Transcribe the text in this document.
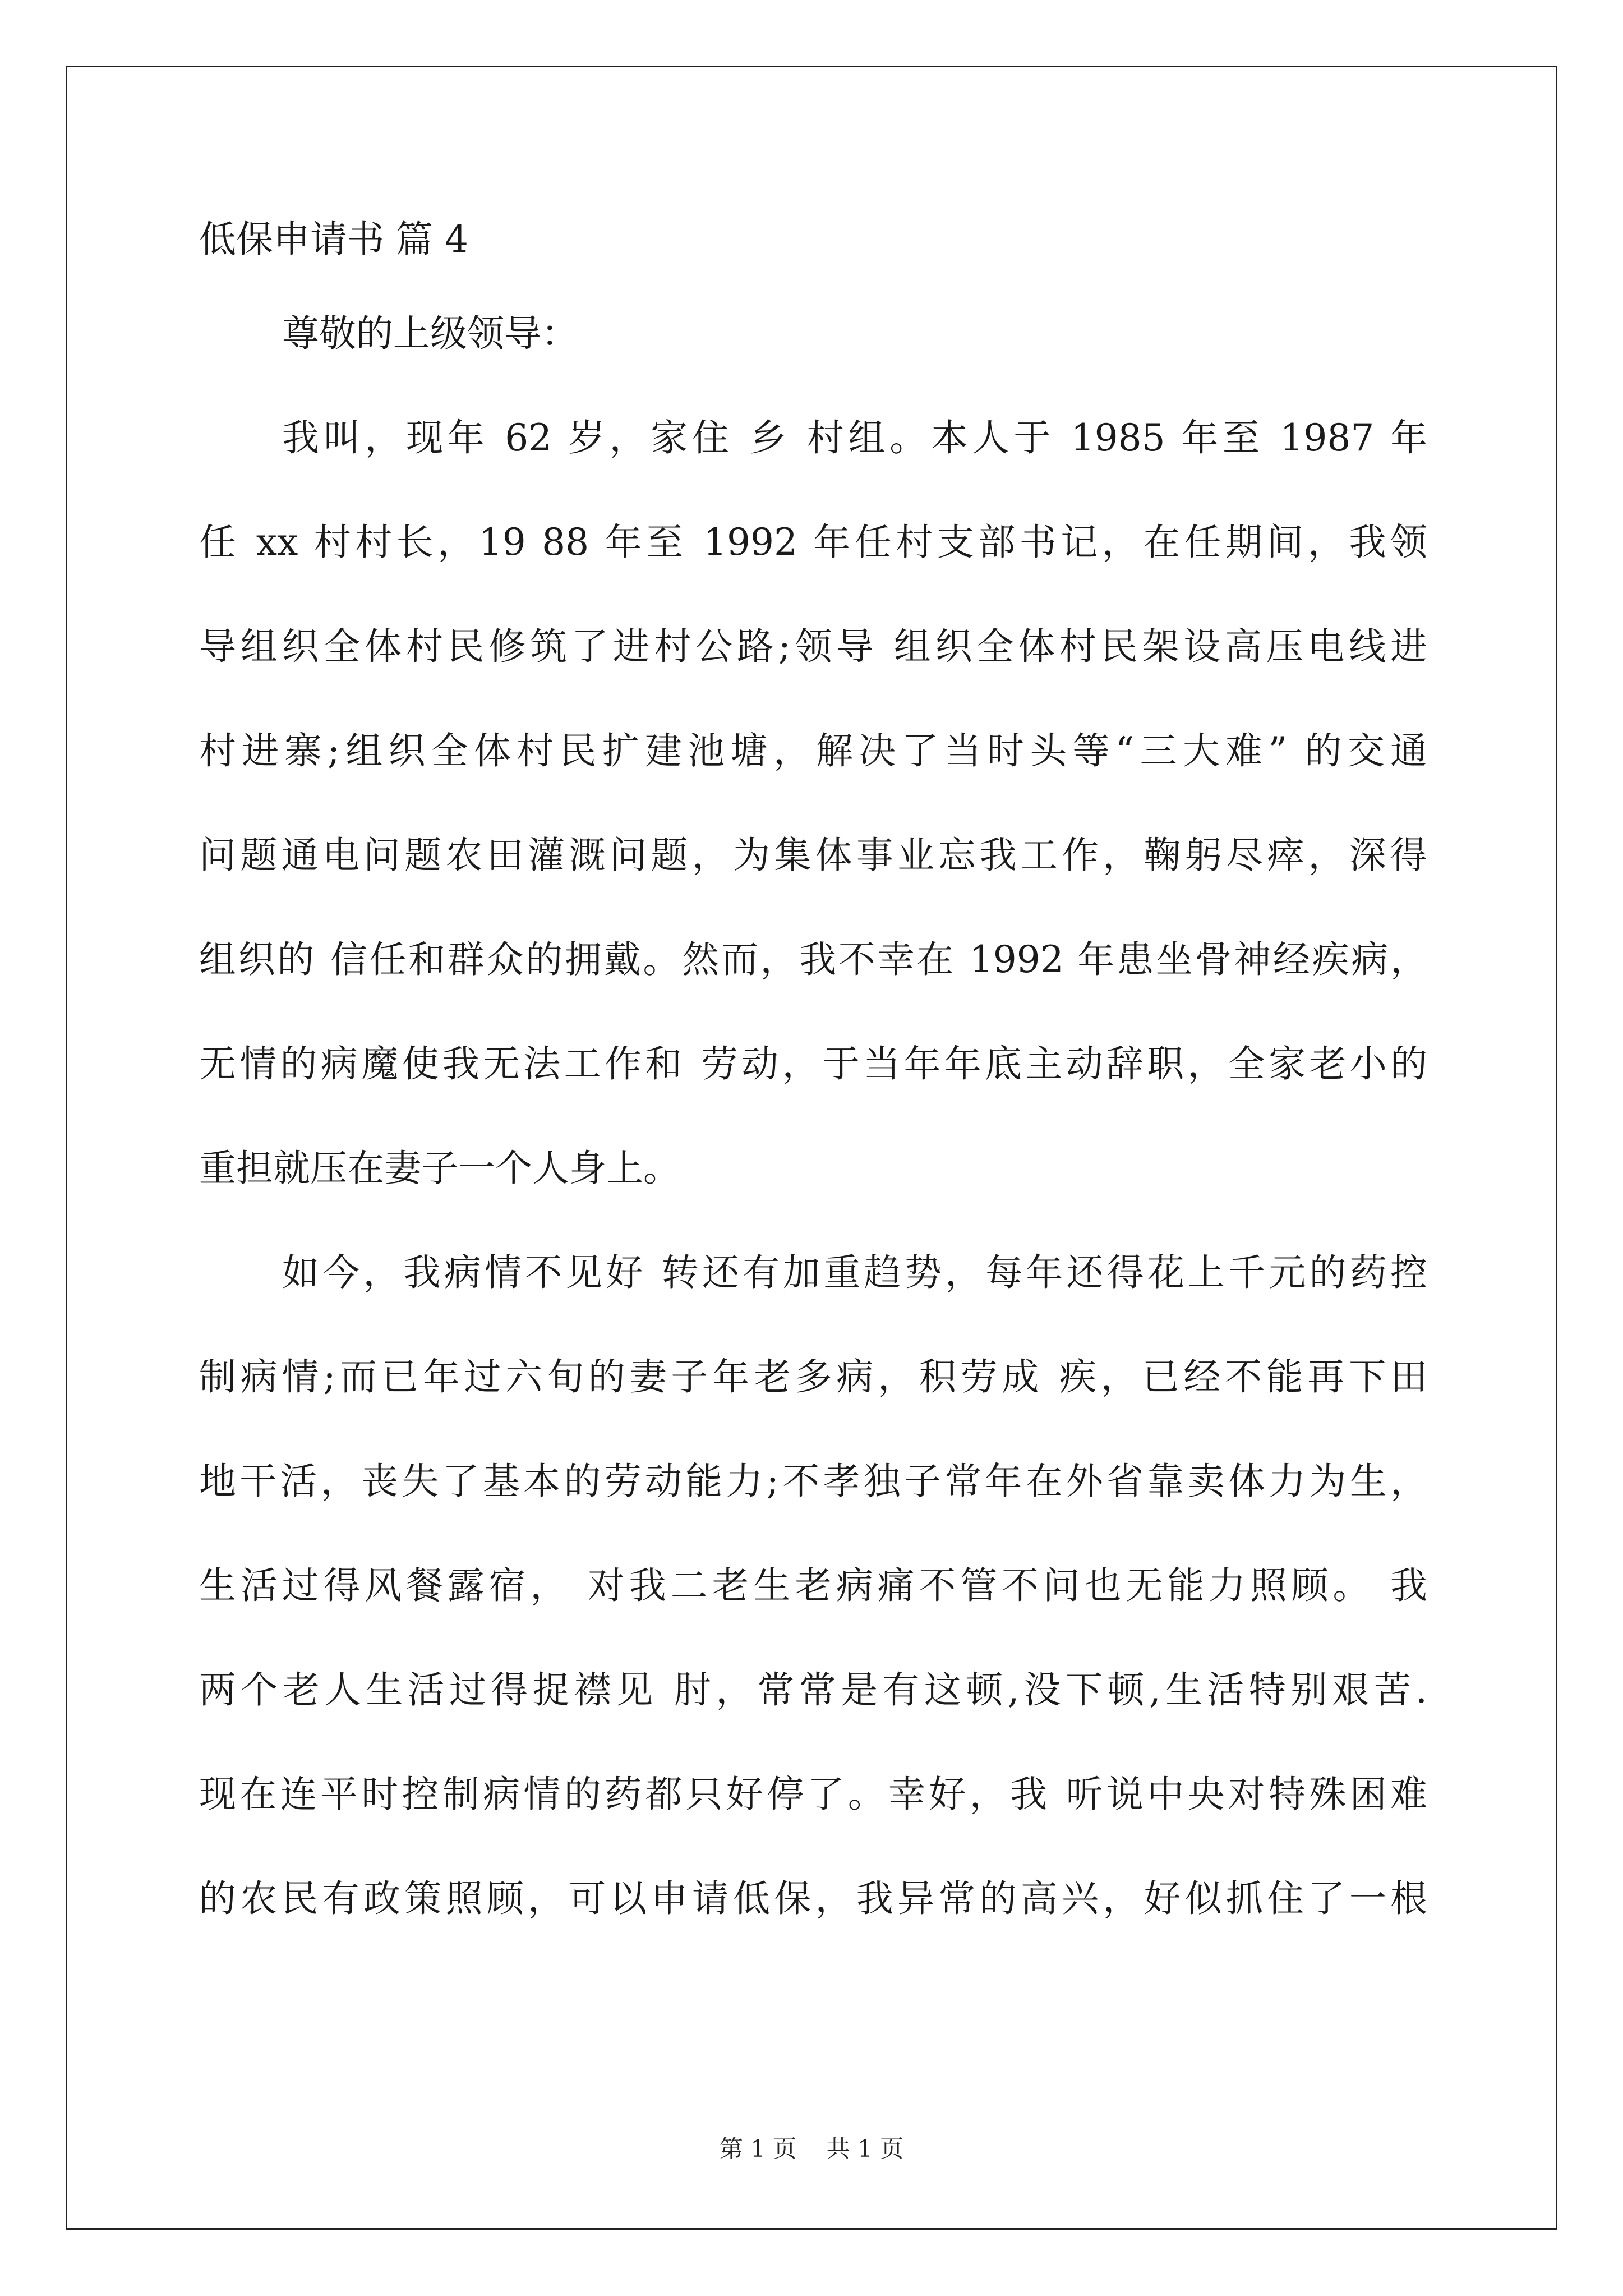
低保申请书 篇 4
尊敬的上级领导：
我叫，现年 62 岁，家住 乡 村组。本人于 1985 年至 1987 年
任 xx 村村长，19 88 年至 1992 年任村支部书记，在任期间，我领
导组织全体村民修筑了进村公路;领导 组织全体村民架设高压电线进
村进寨;组织全体村民扩建池塘，解决了当时头等“三大难” 的交通
问题通电问题农田灌溉问题，为集体事业忘我工作，鞠躬尽瘁，深得
组织的 信任和群众的拥戴。然而，我不幸在 1992 年患坐骨神经疾病，
无情的病魔使我无法工作和 劳动，于当年年底主动辞职，全家老小的
重担就压在妻子一个人身上。
如今，我病情不见好 转还有加重趋势，每年还得花上千元的药控
制病情;而已年过六旬的妻子年老多病，积劳成 疾，已经不能再下田
地干活，丧失了基本的劳动能力;不孝独子常年在外省靠卖体力为生，
生活过得风餐露宿， 对我二老生老病痛不管不问也无能力照顾。 我
两个老人生活过得捉襟见 肘，常常是有这顿,没下顿,生活特别艰苦.
现在连平时控制病情的药都只好停了。幸好，我 听说中央对特殊困难
的农民有政策照顾，可以申请低保，我异常的高兴，好似抓住了一根
第 1 页    共 1 页
